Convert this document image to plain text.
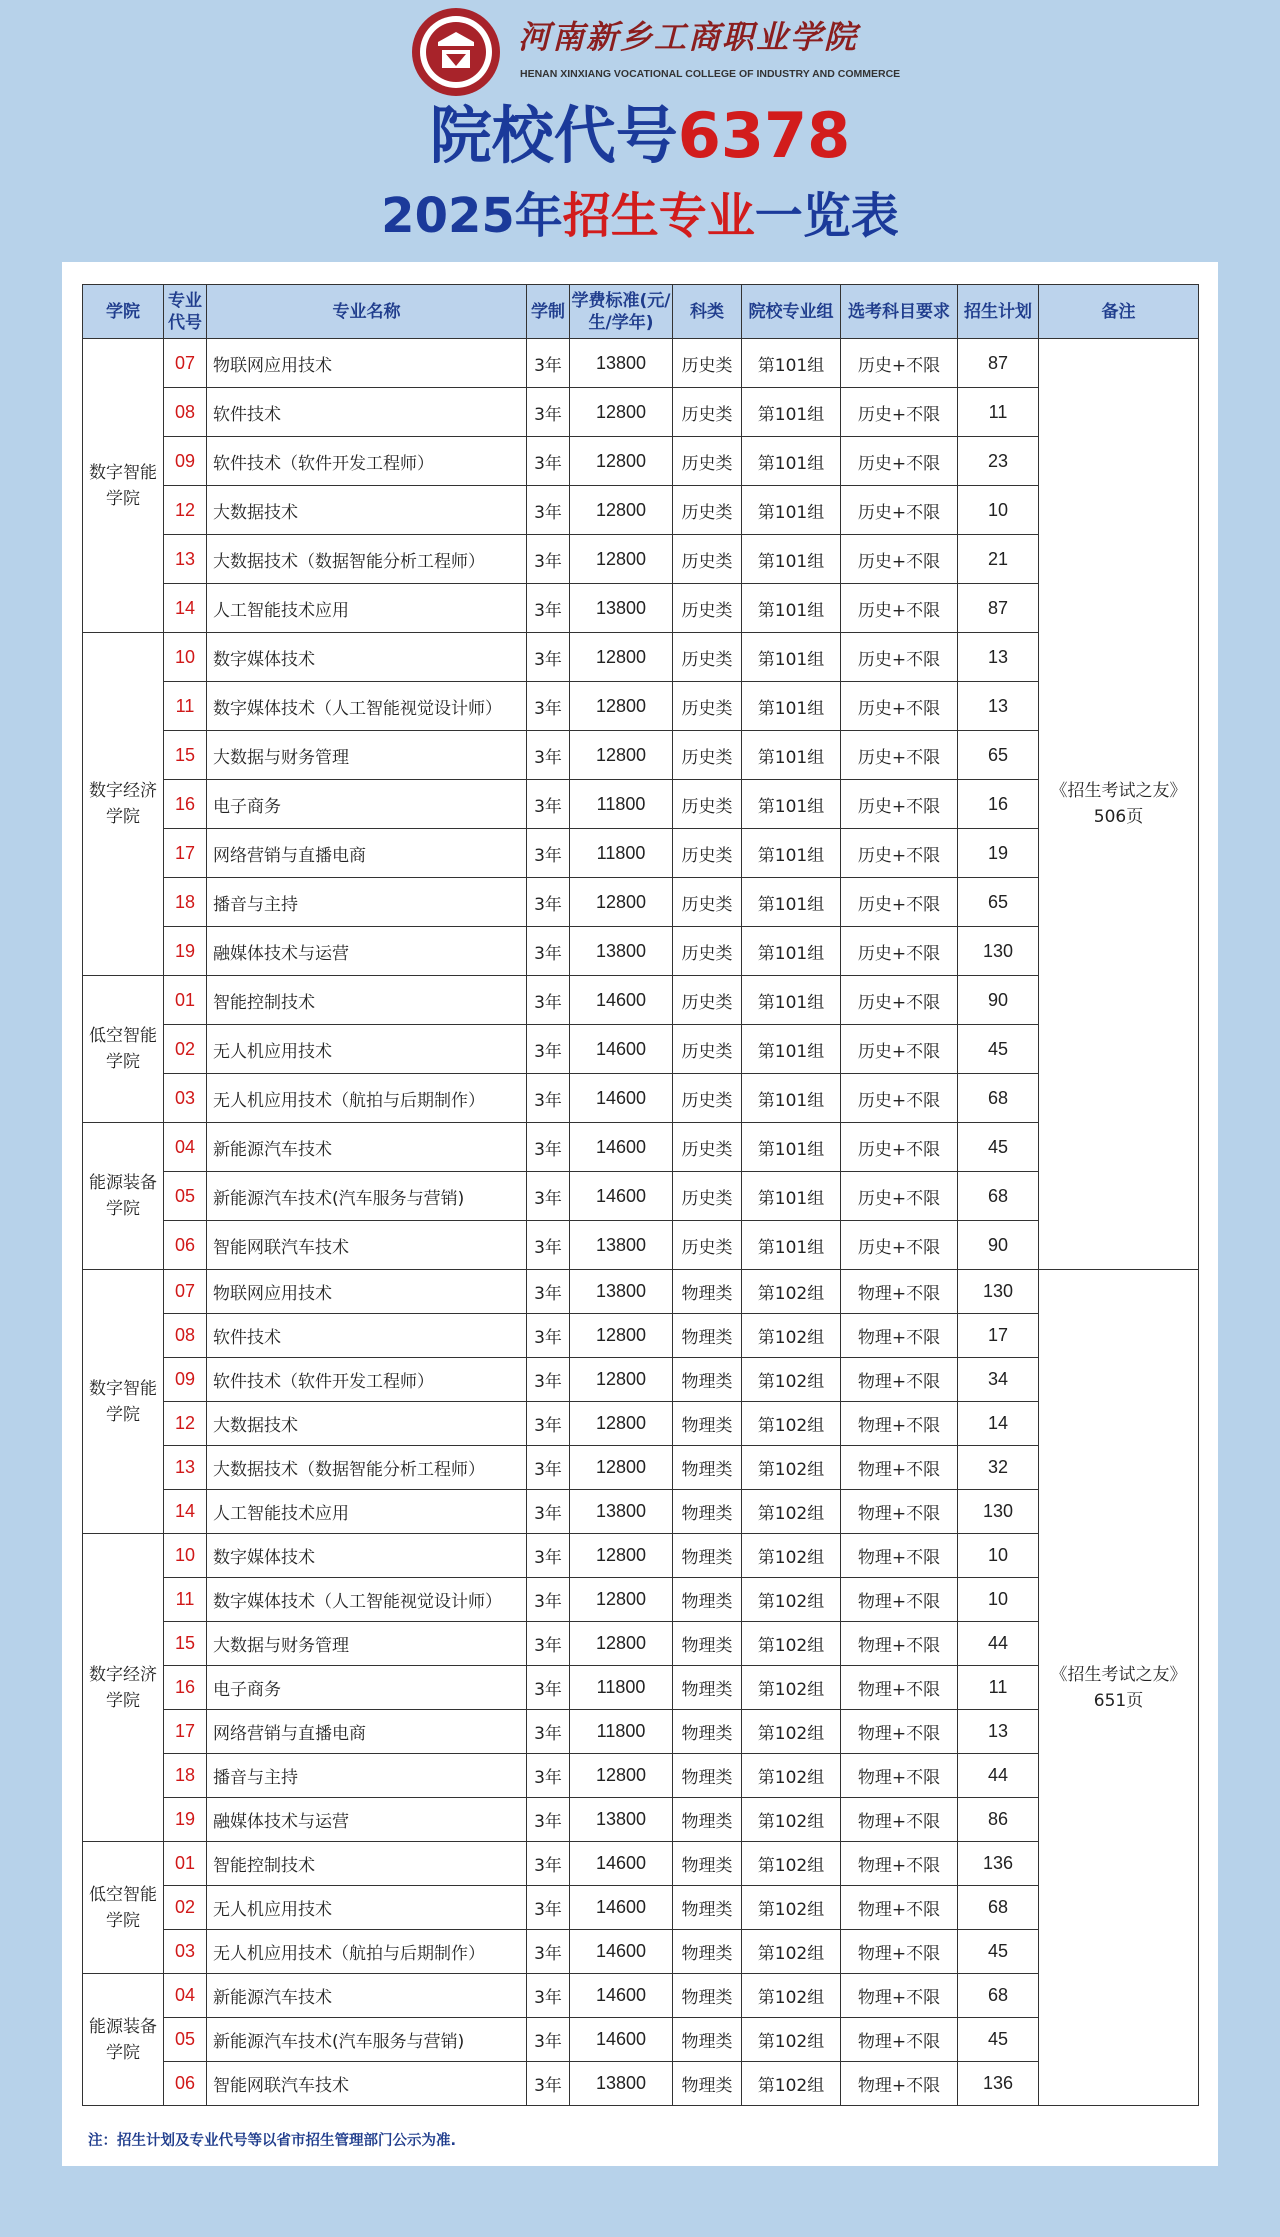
河南新乡工商职业学院
HENAN XINXIANG VOCATIONAL COLLEGE OF INDUSTRY AND COMMERCE
院校代号6378
2025年招生专业一览表
学院	专业代号	专业名称	学制	学费标准(元/生/学年)	科类	院校专业组	选考科目要求	招生计划	备注
数字智能学院	07	物联网应用技术	3年	13800	历史类	第101组	历史+不限	87	《招生考试之友》506页
	08	软件技术	3年	12800	历史类	第101组	历史+不限	11	
	09	软件技术（软件开发工程师）	3年	12800	历史类	第101组	历史+不限	23	
	12	大数据技术	3年	12800	历史类	第101组	历史+不限	10	
	13	大数据技术（数据智能分析工程师）	3年	12800	历史类	第101组	历史+不限	21	
	14	人工智能技术应用	3年	13800	历史类	第101组	历史+不限	87	
数字经济学院	10	数字媒体技术	3年	12800	历史类	第101组	历史+不限	13	
	11	数字媒体技术（人工智能视觉设计师）	3年	12800	历史类	第101组	历史+不限	13	
	15	大数据与财务管理	3年	12800	历史类	第101组	历史+不限	65	
	16	电子商务	3年	11800	历史类	第101组	历史+不限	16	
	17	网络营销与直播电商	3年	11800	历史类	第101组	历史+不限	19	
	18	播音与主持	3年	12800	历史类	第101组	历史+不限	65	
	19	融媒体技术与运营	3年	13800	历史类	第101组	历史+不限	130	
低空智能学院	01	智能控制技术	3年	14600	历史类	第101组	历史+不限	90	
	02	无人机应用技术	3年	14600	历史类	第101组	历史+不限	45	
	03	无人机应用技术（航拍与后期制作）	3年	14600	历史类	第101组	历史+不限	68	
能源装备学院	04	新能源汽车技术	3年	14600	历史类	第101组	历史+不限	45	
	05	新能源汽车技术(汽车服务与营销)	3年	14600	历史类	第101组	历史+不限	68	
	06	智能网联汽车技术	3年	13800	历史类	第101组	历史+不限	90	
数字智能学院	07	物联网应用技术	3年	13800	物理类	第102组	物理+不限	130	《招生考试之友》651页
	08	软件技术	3年	12800	物理类	第102组	物理+不限	17	
	09	软件技术（软件开发工程师）	3年	12800	物理类	第102组	物理+不限	34	
	12	大数据技术	3年	12800	物理类	第102组	物理+不限	14	
	13	大数据技术（数据智能分析工程师）	3年	12800	物理类	第102组	物理+不限	32	
	14	人工智能技术应用	3年	13800	物理类	第102组	物理+不限	130	
数字经济学院	10	数字媒体技术	3年	12800	物理类	第102组	物理+不限	10	
	11	数字媒体技术（人工智能视觉设计师）	3年	12800	物理类	第102组	物理+不限	10	
	15	大数据与财务管理	3年	12800	物理类	第102组	物理+不限	44	
	16	电子商务	3年	11800	物理类	第102组	物理+不限	11	
	17	网络营销与直播电商	3年	11800	物理类	第102组	物理+不限	13	
	18	播音与主持	3年	12800	物理类	第102组	物理+不限	44	
	19	融媒体技术与运营	3年	13800	物理类	第102组	物理+不限	86	
低空智能学院	01	智能控制技术	3年	14600	物理类	第102组	物理+不限	136	
	02	无人机应用技术	3年	14600	物理类	第102组	物理+不限	68	
	03	无人机应用技术（航拍与后期制作）	3年	14600	物理类	第102组	物理+不限	45	
能源装备学院	04	新能源汽车技术	3年	14600	物理类	第102组	物理+不限	68	
	05	新能源汽车技术(汽车服务与营销)	3年	14600	物理类	第102组	物理+不限	45	
	06	智能网联汽车技术	3年	13800	物理类	第102组	物理+不限	136	
注：招生计划及专业代号等以省市招生管理部门公示为准.
